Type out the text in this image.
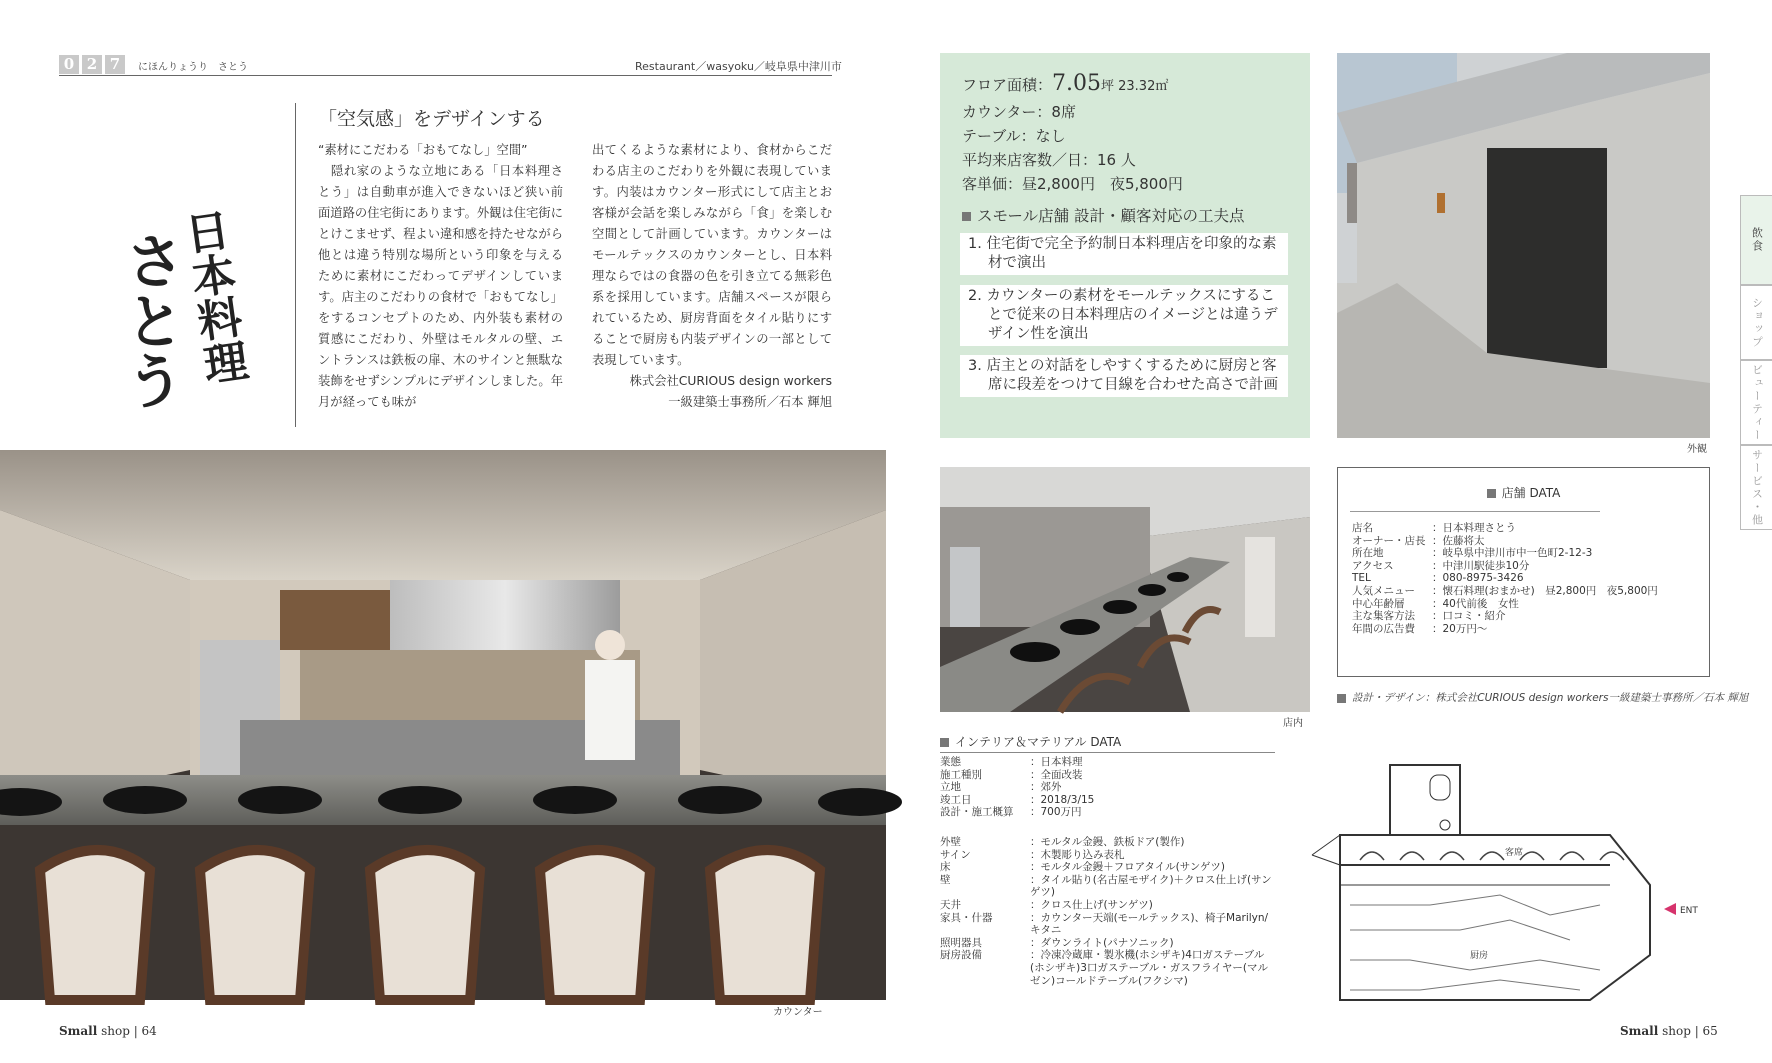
0 2 7	にほんりょうり　さとう	Restaurant／wasyoku／岐阜県中津川市
日本料理
さとう
「空気感」をデザインする

“素材にこだわる「おもてなし」空間”

　隠れ家のような立地にある「日本料理さとう」は自動車が進入できないほど狭い前面道路の住宅街にあります。外観は住宅街にとけこませず、程よい違和感を持たせながら他とは違う特別な場所という印象を与えるために素材にこだわってデザインしています。店主のこだわりの食材で「おもてなし」をするコンセプトのため、内外装も素材の質感にこだわり、外壁はモルタルの壁、エントランスは鉄板の扉、木のサインと無駄な装飾をせずシンプルにデザインしました。年月が経っても味が

出てくるような素材により、食材からこだわる店主のこだわりを外観に表現しています。内装はカウンター形式にして店主とお客様が会話を楽しみながら「食」を楽しむ空間として計画しています。カウンターはモールテックスのカウンターとし、日本料理ならではの食器の色を引き立てる無彩色系を採用しています。店舗スペースが限られているため、厨房背面をタイル貼りにすることで厨房も内装デザインの一部として表現しています。

株式会社CURIOUS design workers

一級建築士事務所／石本 輝旭

カウンター
Small shop | 64
フロア面積：7.05坪 23.32㎡
カウンター：8席
テーブル：なし
平均来店客数／日：16 人
客単価：昼2,800円　夜5,800円
スモール店舗 設計・顧客対応の工夫点
1. 住宅街で完全予約制日本料理店を印象的な素材で演出
2. カウンターの素材をモールテックスにすることで従来の日本料理店のイメージとは違うデザイン性を演出
3. 店主との対話をしやすくするために厨房と客席に段差をつけて目線を合わせた高さで計画
外観
飲食
ショップ
ビューティー
サービス・他
店内
店舗 DATA
店名	：日本料理さとう
オーナー・店長	：佐藤将太
所在地	：岐阜県中津川市中一色町2-12-3
アクセス	：中津川駅徒歩10分
TEL	：080-8975-3426
人気メニュー	：懐石料理(おまかせ)　昼2,800円　夜5,800円
中心年齢層	：40代前後　女性
主な集客方法	：口コミ・紹介
年間の広告費	：20万円〜
設計・デザイン：株式会社CURIOUS design workers一級建築士事務所／石本 輝旭
インテリア＆マテリアル DATA
業態	：日本料理
施工種別	：全面改装
立地	：郊外
竣工日	：2018/3/15
設計・施工概算	：700万円
外壁	：モルタル金鏝、鉄板ドア(製作)
サイン	：木製彫り込み表札
床	：モルタル金鏝＋フロアタイル(サンゲツ)
壁	：タイル貼り(名古屋モザイク)＋クロス仕上げ(サンゲツ)
天井	：クロス仕上げ(サンゲツ)
家具・什器	：カウンター天端(モールテックス)、椅子Marilyn/キタニ
照明器具	：ダウンライト(パナソニック)
厨房設備	：冷凍冷蔵庫・製氷機(ホシザキ)4口ガステーブル(ホシザキ)3口ガステーブル・ガスフライヤー(マルゼン)コールドテーブル(フクシマ)
客席
厨房
ENT
Small shop | 65
